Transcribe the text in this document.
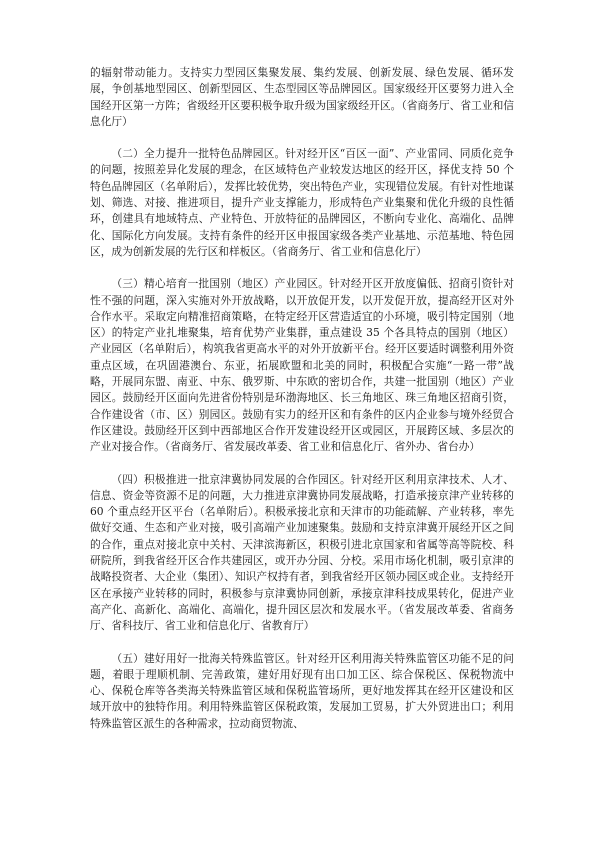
的辐射带动能力。支持实力型园区集聚发展、集约发展、创新发展、绿色发展、循环发展，争创基地型园区、创新型园区、生态型园区等品牌园区。国家级经开区要努力进入全国经开区第一方阵；省级经开区要积极争取升级为国家级经开区。（省商务厅、省工业和信息化厅）

（二）全力提升一批特色品牌园区。针对经开区“百区一面”、产业雷同、同质化竞争的问题，按照差异化发展的理念，在区域特色产业较发达地区的经开区，择优支持 50 个特色品牌园区（名单附后），发挥比较优势，突出特色产业，实现错位发展。有针对性地谋划、筛选、对接、推进项目，提升产业支撑能力，形成特色产业集聚和优化升级的良性循环，创建具有地域特点、产业特色、开放特征的品牌园区，不断向专业化、高端化、品牌化、国际化方向发展。支持有条件的经开区申报国家级各类产业基地、示范基地、特色园区，成为创新发展的先行区和样板区。（省商务厅、省工业和信息化厅）

（三）精心培育一批国别（地区）产业园区。针对经开区开放度偏低、招商引资针对性不强的问题，深入实施对外开放战略，以开放促开发，以开发促开放，提高经开区对外合作水平。采取定向精准招商策略，在特定经开区营造适宜的小环境，吸引特定国别（地区）的特定产业扎堆聚集，培育优势产业集群，重点建设 35 个各具特点的国别（地区）产业园区（名单附后），构筑我省更高水平的对外开放新平台。经开区要适时调整利用外资重点区域，在巩固港澳台、东亚，拓展欧盟和北美的同时，积极配合实施“一路一带”战略，开展同东盟、南亚、中东、俄罗斯、中东欧的密切合作，共建一批国别（地区）产业园区。鼓励经开区面向先进省份特别是环渤海地区、长三角地区、珠三角地区招商引资，合作建设省（市、区）别园区。鼓励有实力的经开区和有条件的区内企业参与境外经贸合作区建设。鼓励经开区到中西部地区合作开发建设经开区或园区，开展跨区域、多层次的产业对接合作。（省商务厅、省发展改革委、省工业和信息化厅、省外办、省台办）

（四）积极推进一批京津冀协同发展的合作园区。针对经开区利用京津技术、人才、信息、资金等资源不足的问题，大力推进京津冀协同发展战略，打造承接京津产业转移的 60 个重点经开区平台（名单附后）。积极承接北京和天津市的功能疏解、产业转移，率先做好交通、生态和产业对接，吸引高端产业加速聚集。鼓励和支持京津冀开展经开区之间的合作，重点对接北京中关村、天津滨海新区，积极引进北京国家和省属等高等院校、科研院所，到我省经开区合作共建园区，或开办分园、分校。采用市场化机制，吸引京津的战略投资者、大企业（集团）、知识产权持有者，到我省经开区领办园区或企业。支持经开区在承接产业转移的同时，积极参与京津冀协同创新，承接京津科技成果转化，促进产业高产化、高新化、高端化、高端化，提升园区层次和发展水平。（省发展改革委、省商务厅、省科技厅、省工业和信息化厅、省教育厅）

（五）建好用好一批海关特殊监管区。针对经开区利用海关特殊监管区功能不足的问题，着眼于理顺机制、完善政策，建好用好现有出口加工区、综合保税区、保税物流中心、保税仓库等各类海关特殊监管区域和保税监管场所，更好地发挥其在经开区建设和区域开放中的独特作用。利用特殊监管区保税政策，发展加工贸易，扩大外贸进出口；利用特殊监管区派生的各种需求，拉动商贸物流、
